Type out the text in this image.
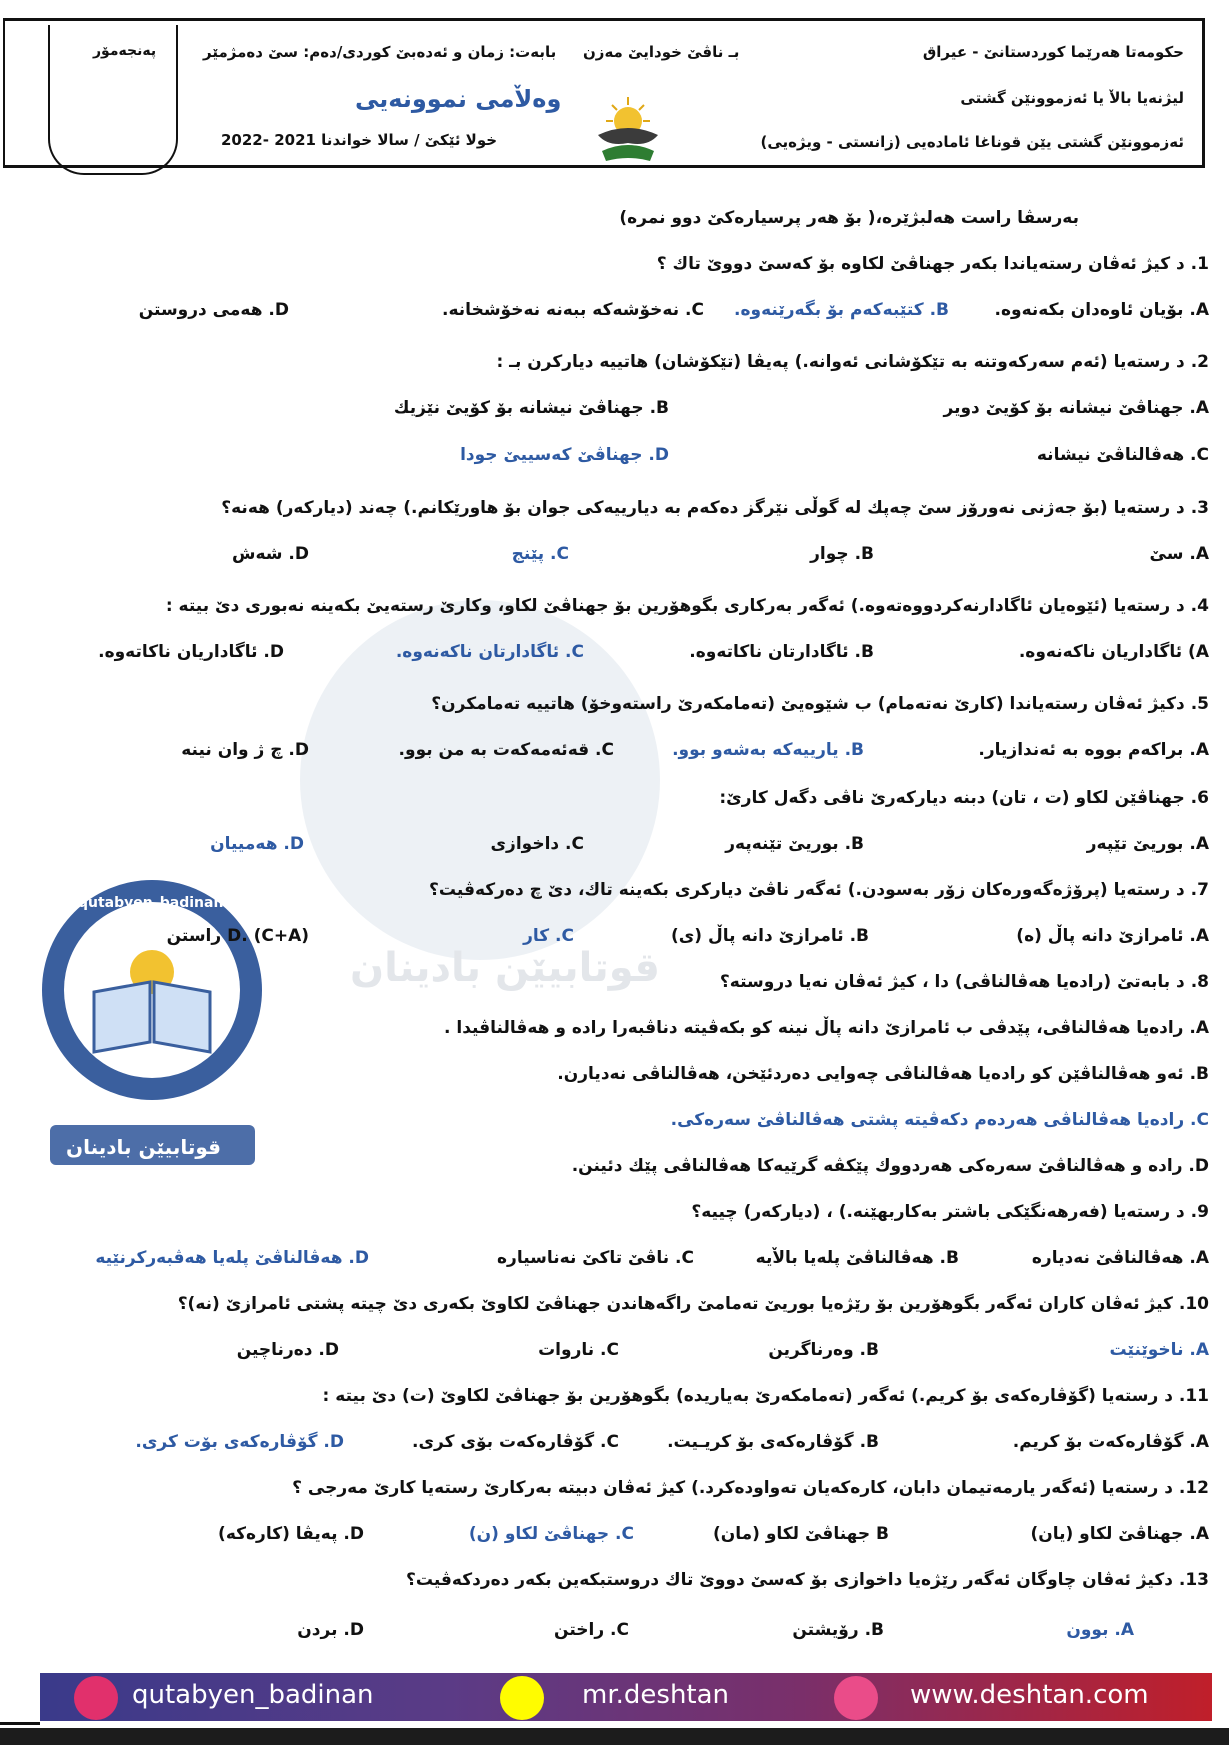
پەنجەمۆر	حكومەتا هەرێما كوردستانێ - عیراق
لیژنەیا بالاٚ یا ئەزموونێن گشتی
ئەزموونێن گشتی یێن قوناغا ئامادەیی (زانستی - ویژەیی)
بـ ناڤێ خودایێ مەزن
بابەت: زمان و ئەدەبێ كوردی/دەم: سێ دەمژمێر
وەلاٚمی نموونەیی
خولا ئێكێ / سالا خواندنا 2021 -2022
قوتابیێن بادینان
qutabyen_badinan
قوتابیێن بادینان
بەرسڤا راست هەلبژێرە،( بۆ هەر پرسیارەكێ دوو نمرە)
1. د كیژ ئەڤان رستەیاندا بكەر جهناڤێ لكاوە بۆ كەسێ دووێ تاك ؟
A. بۆیان ئاوەدان بكەنەوە.
B. كتێبەكەم بۆ بگەرێنەوە.
C. نەخۆشەكە ببەنە نەخۆشخانە.
D. هەمی دروستن
2. د رستەیا (ئەم سەركەوتنە بە تێكۆشانی ئەوانە.) پەیڤا (تێكۆشان) هاتییە دیاركرن بـ :
A. جهناڤێ نیشانە بۆ كۆیێ دویر
B. جهناڤێ نیشانە بۆ كۆیێ نێزیك
C. هەڤالناڤێ نیشانە
D. جهناڤێ كەسییێ جودا
3. د رستەیا (بۆ جەژنی نەورۆز سێ چەپك لە گوڵی نێرگز دەكەم بە دیارییەكی جوان بۆ هاورێكانم.) چەند (دیاركەر) هەنە؟
A. سێ
B. چوار
C. پێنج
D. شەش
4. د رستەیا (ئێوەیان ئاگادارنەكردووەتەوە.) ئەگەر بەركاری بگوهۆرین بۆ جهناڤێ لكاو، وكارێ رستەیێ بكەینە نەبوری دێ بیتە :
A) ئاگاداریان ناكەنەوە.
B. ئاگادارتان ناكاتەوە.
C. ئاگادارتان ناكەنەوە.
D. ئاگاداریان ناكاتەوە.
5. دكیژ ئەڤان رستەیاندا (كارێ نەتەمام) ب شێوەیێ (تەمامكەرێ راستەوخۆ) هاتییە تەمامكرن؟
A. براكەم بووە بە ئەندازیار.
B. یارییەكە بەشەو بوو.
C. قەئەمەكەت بە من بوو.
D. چ ژ وان نینە
6. جهناڤێن لكاو (ت ، تان) دبنە دیاركەرێ ناڤی دگەل كارێ:
A. بوریێ تێپەر
B. بوریێ تێنەپەر
C. داخوازی
D. هەمییان
7. د رستەیا (پرۆژەگەورەكان زۆر بەسودن.) ئەگەر ناڤێ دیاركری بكەینە تاك، دێ چ دەركەڤیت؟
A. ئامرازێ دانە پاڵ (ە)
B. ئامرازێ دانە پاڵ (ی)
C. كار
D. (C+A) راستن
8. د بابەتێ (رادەیا هەڤالناڤی) دا ، كیژ ئەڤان نەیا دروستە؟
A. رادەیا هەڤالناڤی، پێدڤی ب ئامرازێ دانە پاڵ نینە كو بكەڤیتە دناڤبەرا رادە و هەڤالناڤیدا .
B. ئەو هەڤالناڤێن كو رادەیا هەڤالناڤی چەوایی دەردئێخن، هەڤالناڤی نەدیارن.
C. رادەیا هەڤالناڤی هەردەم دكەڤیتە پشتی هەڤالناڤێ سەرەكی.
D. رادە و هەڤالناڤێ سەرەكی هەردووك پێكڤە گرێیەكا هەڤالناڤی پێك دئینن.
9. د رستەیا (فەرهەنگێكی باشتر بەكاربهێنە.) ، (دیاركەر) چییە؟
A. هەڤالناڤێ نەدیارە
B. هەڤالناڤێ پلەیا بالاٚیە
C. ناڤێ تاكێ نەناسیارە
D. هەڤالناڤێ پلەیا هەڤبەركرنێیە
10. كیژ ئەڤان كاران ئەگەر بگوهۆرین بۆ رێژەیا بوریێ تەمامێ راگەهاندن جهناڤێ لكاوێ بكەری دێ چیتە پشتی ئامرازێ (نە)؟
A. ناخوێنێت
B. وەرناگرین
C. ناروات
D. دەرناچین
11. د رستەیا (گۆڤارەكەی بۆ كریم.) ئەگەر (تەمامكەرێ بەیاریدە) بگوهۆرین بۆ جهناڤێ لكاوێ (ت) دێ بیتە :
A. گۆڤارەكەت بۆ كریم.
B. گۆڤارەكەی بۆ كریـیت.
C. گۆڤارەكەت بۆی كری.
D. گۆڤارەكەی بۆت كری.
12. د رستەیا (ئەگەر یارمەتیمان دابان، كارەكەیان تەواودەكرد.) كیژ ئەڤان دبیتە بەركارێ رستەیا كارێ مەرجی ؟
A. جهناڤێ لكاو (یان)
B جهناڤێ لكاو (مان)
C. جهناڤێ لكاو (ن)
D. پەیڤا (كارەكە)
13. دكیژ ئەڤان چاوگان ئەگەر رێژەیا داخوازی بۆ كەسێ دووێ تاك دروستبكەین بكەر دەردكەڤیت؟
A. بوون
B. رۆیشتن
C. راختن
D. بردن
qutabyen_badinan	mr.deshtan	www.deshtan.com
